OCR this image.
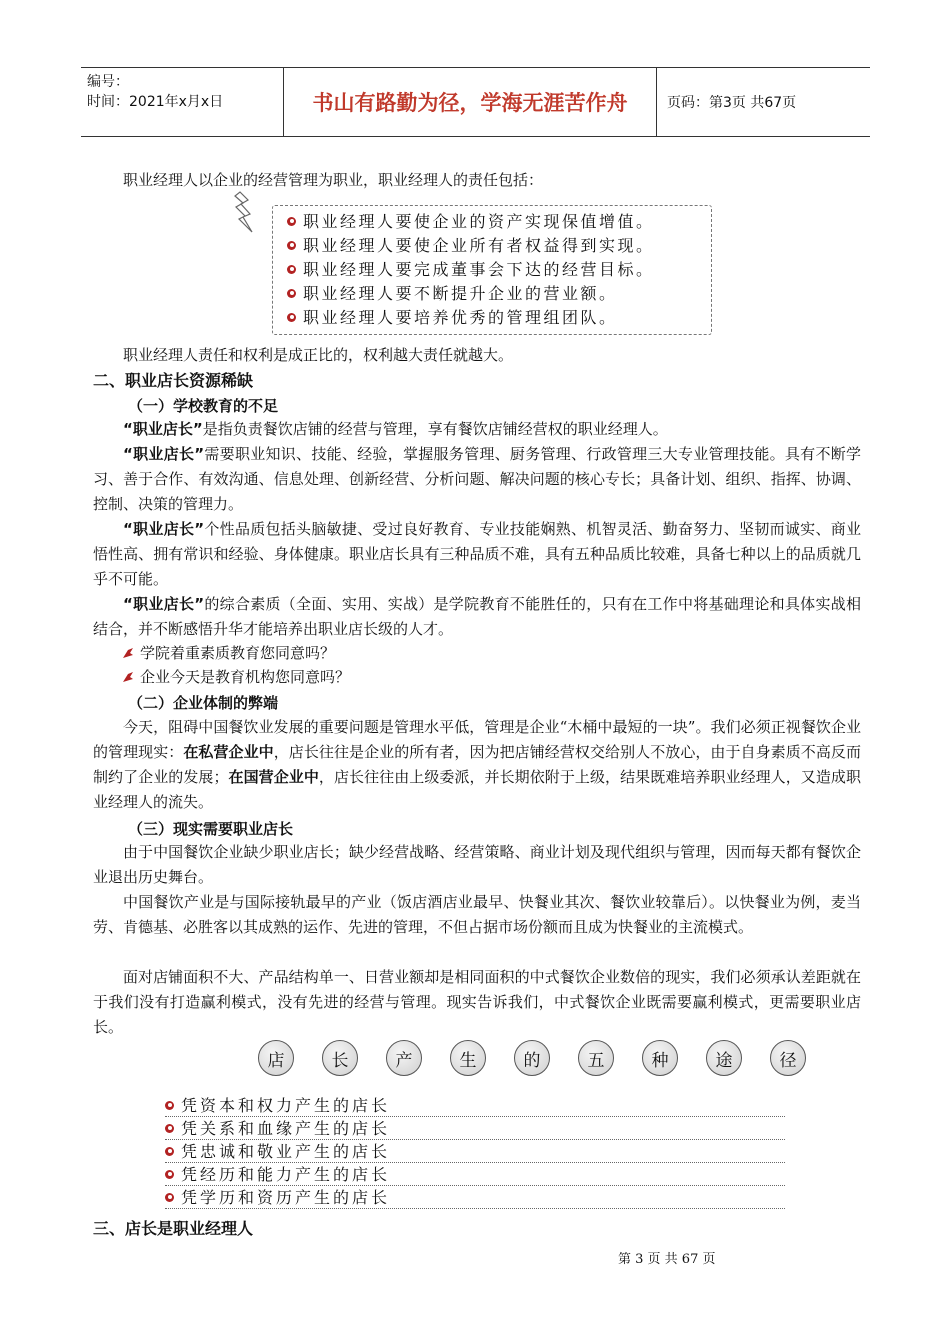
编号：
时间：2021年x月x日	书山有路勤为径，学海无涯苦作舟	页码：第3页 共67页
职业经理人以企业的经营管理为职业，职业经理人的责任包括：
职业经理人要使企业的资产实现保值增值。
职业经理人要使企业所有者权益得到实现。
职业经理人要完成董事会下达的经营目标。
职业经理人要不断提升企业的营业额。
职业经理人要培养优秀的管理组团队。
职业经理人责任和权利是成正比的，权利越大责任就越大。
二、职业店长资源稀缺
（一）学校教育的不足
“职业店长”是指负责餐饮店铺的经营与管理，享有餐饮店铺经营权的职业经理人。
“职业店长”需要职业知识、技能、经验，掌握服务管理、厨务管理、行政管理三大专业管理技能。具有不断学习、善于合作、有效沟通、信息处理、创新经营、分析问题、解决问题的核心专长；具备计划、组织、指挥、协调、控制、决策的管理力。
“职业店长”个性品质包括头脑敏捷、受过良好教育、专业技能娴熟、机智灵活、勤奋努力、坚韧而诚实、商业悟性高、拥有常识和经验、身体健康。职业店长具有三种品质不难，具有五种品质比较难，具备七种以上的品质就几乎不可能。
“职业店长”的综合素质（全面、实用、实战）是学院教育不能胜任的，只有在工作中将基础理论和具体实战相结合，并不断感悟升华才能培养出职业店长级的人才。
学院着重素质教育您同意吗？
企业今天是教育机构您同意吗？
（二）企业体制的弊端
今天，阻碍中国餐饮业发展的重要问题是管理水平低，管理是企业“木桶中最短的一块”。我们必须正视餐饮企业的管理现实：在私营企业中，店长往往是企业的所有者，因为把店铺经营权交给别人不放心，由于自身素质不高反而制约了企业的发展；在国营企业中，店长往往由上级委派，并长期依附于上级，结果既难培养职业经理人，又造成职业经理人的流失。
（三）现实需要职业店长
由于中国餐饮企业缺少职业店长；缺少经营战略、经营策略、商业计划及现代组织与管理，因而每天都有餐饮企业退出历史舞台。
中国餐饮产业是与国际接轨最早的产业（饭店酒店业最早、快餐业其次、餐饮业较靠后）。以快餐业为例，麦当劳、肯德基、必胜客以其成熟的运作、先进的管理，不但占据市场份额而且成为快餐业的主流模式。
面对店铺面积不大、产品结构单一、日营业额却是相同面积的中式餐饮企业数倍的现实，我们必须承认差距就在于我们没有打造赢利模式，没有先进的经营与管理。现实告诉我们，中式餐饮企业既需要赢利模式，更需要职业店长。
店	长	产	生	的	五	种	途	径
凭资本和权力产生的店长
凭关系和血缘产生的店长
凭忠诚和敬业产生的店长
凭经历和能力产生的店长
凭学历和资历产生的店长
三、店长是职业经理人
第 3 页 共 67 页
